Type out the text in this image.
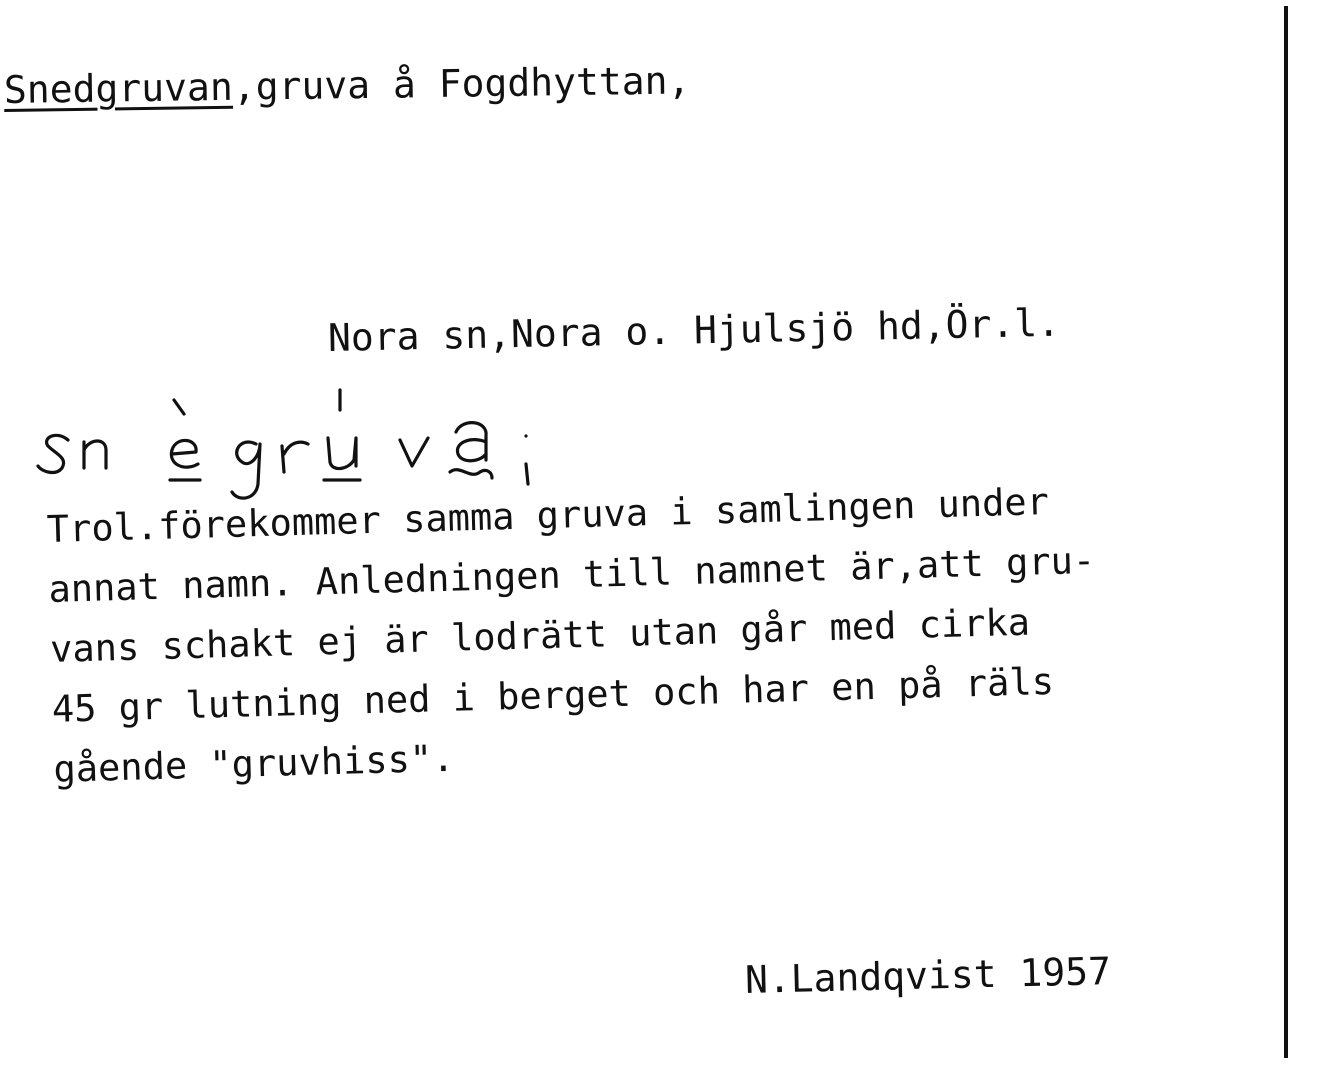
Snedgruvan,gruva å Fogdhyttan,
Nora sn,Nora o. Hjulsjö hd,Ör.l.
Trol.förekommer samma gruva i samlingen under
annat namn. Anledningen till namnet är,att gru-
vans schakt ej är lodrätt utan går med cirka
45 gr lutning ned i berget och har en på räls
gående "gruvhiss".
N.Landqvist 1957
